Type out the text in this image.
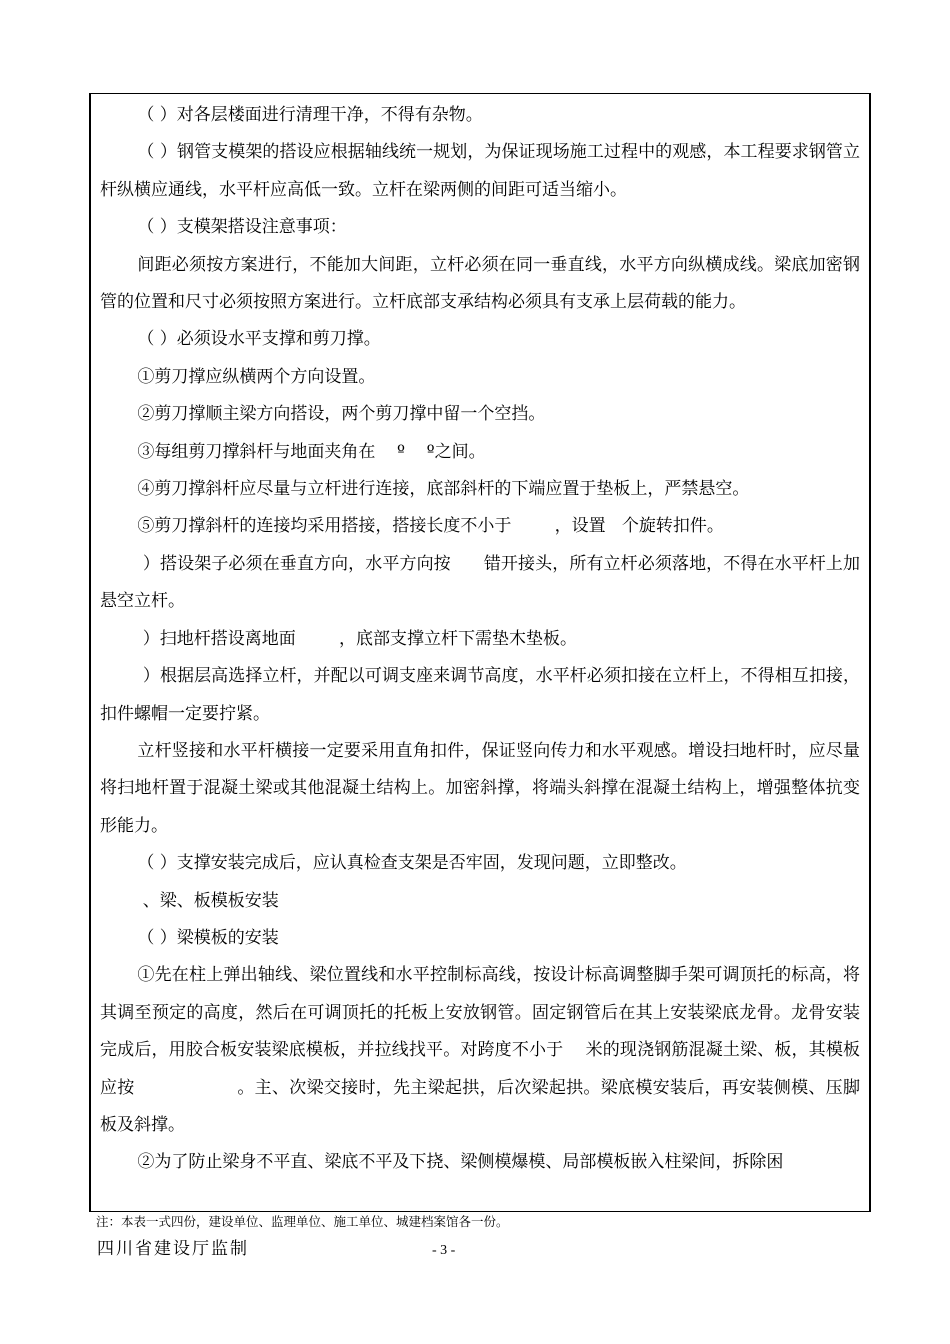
（ ）对各层楼面进行清理干净，不得有杂物。

（ ）钢管支模架的搭设应根据轴线统一规划，为保证现场施工过程中的观感，本工程要求钢管立杆纵横应通线，水平杆应高低一致。立杆在梁两侧的间距可适当缩小。

（ ）支模架搭设注意事项：

间距必须按方案进行，不能加大间距，立杆必须在同一垂直线，水平方向纵横成线。梁底加密钢管的位置和尺寸必须按照方案进行。立杆底部支承结构必须具有支承上层荷载的能力。

（ ）必须设水平支撑和剪刀撑。

①剪刀撑应纵横两个方向设置。

②剪刀撑顺主梁方向搭设，两个剪刀撑中留一个空挡。

③每组剪刀撑斜杆与地面夹角在    º    º之间。

④剪刀撑斜杆应尽量与立杆进行连接，底部斜杆的下端应置于垫板上，严禁悬空。

⑤剪刀撑斜杆的连接均采用搭接，搭接长度不小于        ，设置   个旋转扣件。

）搭设架子必须在垂直方向，水平方向按      错开接头，所有立杆必须落地，不得在水平杆上加悬空立杆。

）扫地杆搭设离地面        ，底部支撑立杆下需垫木垫板。

）根据层高选择立杆，并配以可调支座来调节高度，水平杆必须扣接在立杆上，不得相互扣接，扣件螺帽一定要拧紧。

立杆竖接和水平杆横接一定要采用直角扣件，保证竖向传力和水平观感。增设扫地杆时，应尽量将扫地杆置于混凝土梁或其他混凝土结构上。加密斜撑，将端头斜撑在混凝土结构上，增强整体抗变形能力。

（ ）支撑安装完成后，应认真检查支架是否牢固，发现问题，立即整改。

、梁、板模板安装

（ ）梁模板的安装

①先在柱上弹出轴线、梁位置线和水平控制标高线，按设计标高调整脚手架可调顶托的标高，将其调至预定的高度，然后在可调顶托的托板上安放钢管。固定钢管后在其上安装梁底龙骨。龙骨安装完成后，用胶合板安装梁底模板，并拉线找平。对跨度不小于    米的现浇钢筋混凝土梁、板，其模板应按                  。主、次梁交接时，先主梁起拱，后次梁起拱。梁底模安装后，再安装侧模、压脚板及斜撑。

②为了防止梁身不平直、梁底不平及下挠、梁侧模爆模、局部模板嵌入柱梁间，拆除困

注：本表一式四份，建设单位、监理单位、施工单位、城建档案馆各一份。
四川省建设厅监制	- 3 -
